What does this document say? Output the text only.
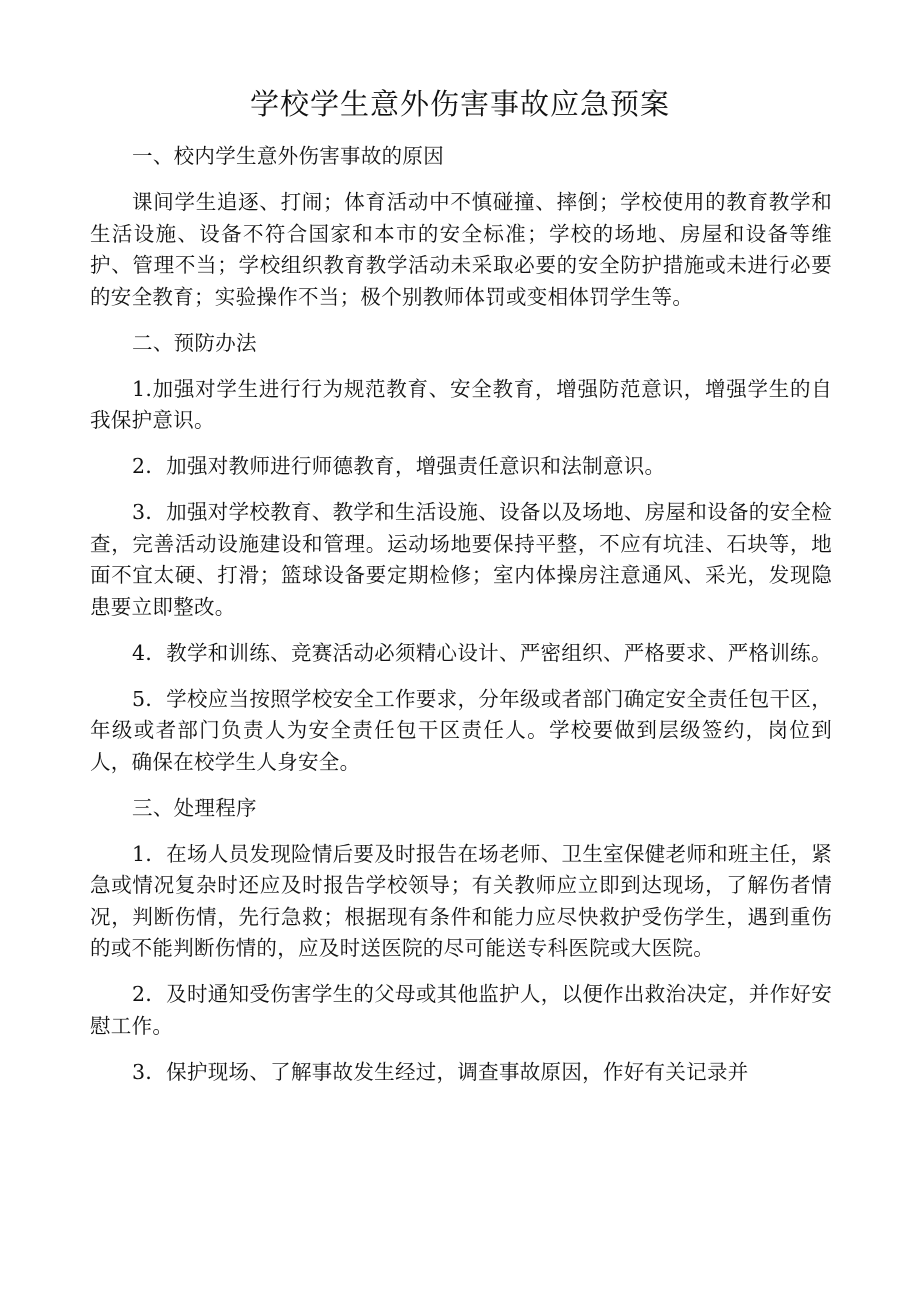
学校学生意外伤害事故应急预案

一、校内学生意外伤害事故的原因

课间学生追逐、打闹；体育活动中不慎碰撞、摔倒；学校使用的教育教学和生活设施、设备不符合国家和本市的安全标准；学校的场地、房屋和设备等维护、管理不当；学校组织教育教学活动未采取必要的安全防护措施或未进行必要的安全教育；实验操作不当；极个别教师体罚或变相体罚学生等。

二、预防办法

1.加强对学生进行行为规范教育、安全教育，增强防范意识，增强学生的自我保护意识。

2．加强对教师进行师德教育，增强责任意识和法制意识。

3．加强对学校教育、教学和生活设施、设备以及场地、房屋和设备的安全检查，完善活动设施建设和管理。运动场地要保持平整，不应有坑洼、石块等，地面不宜太硬、打滑；篮球设备要定期检修；室内体操房注意通风、采光，发现隐患要立即整改。

4．教学和训练、竞赛活动必须精心设计、严密组织、严格要求、严格训练。

5．学校应当按照学校安全工作要求，分年级或者部门确定安全责任包干区，年级或者部门负责人为安全责任包干区责任人。学校要做到层级签约，岗位到人，确保在校学生人身安全。

三、处理程序

1．在场人员发现险情后要及时报告在场老师、卫生室保健老师和班主任，紧急或情况复杂时还应及时报告学校领导；有关教师应立即到达现场，了解伤者情况，判断伤情，先行急救；根据现有条件和能力应尽快救护受伤学生，遇到重伤的或不能判断伤情的，应及时送医院的尽可能送专科医院或大医院。

2．及时通知受伤害学生的父母或其他监护人，以便作出救治决定，并作好安慰工作。

3．保护现场、了解事故发生经过，调查事故原因，作好有关记录并
